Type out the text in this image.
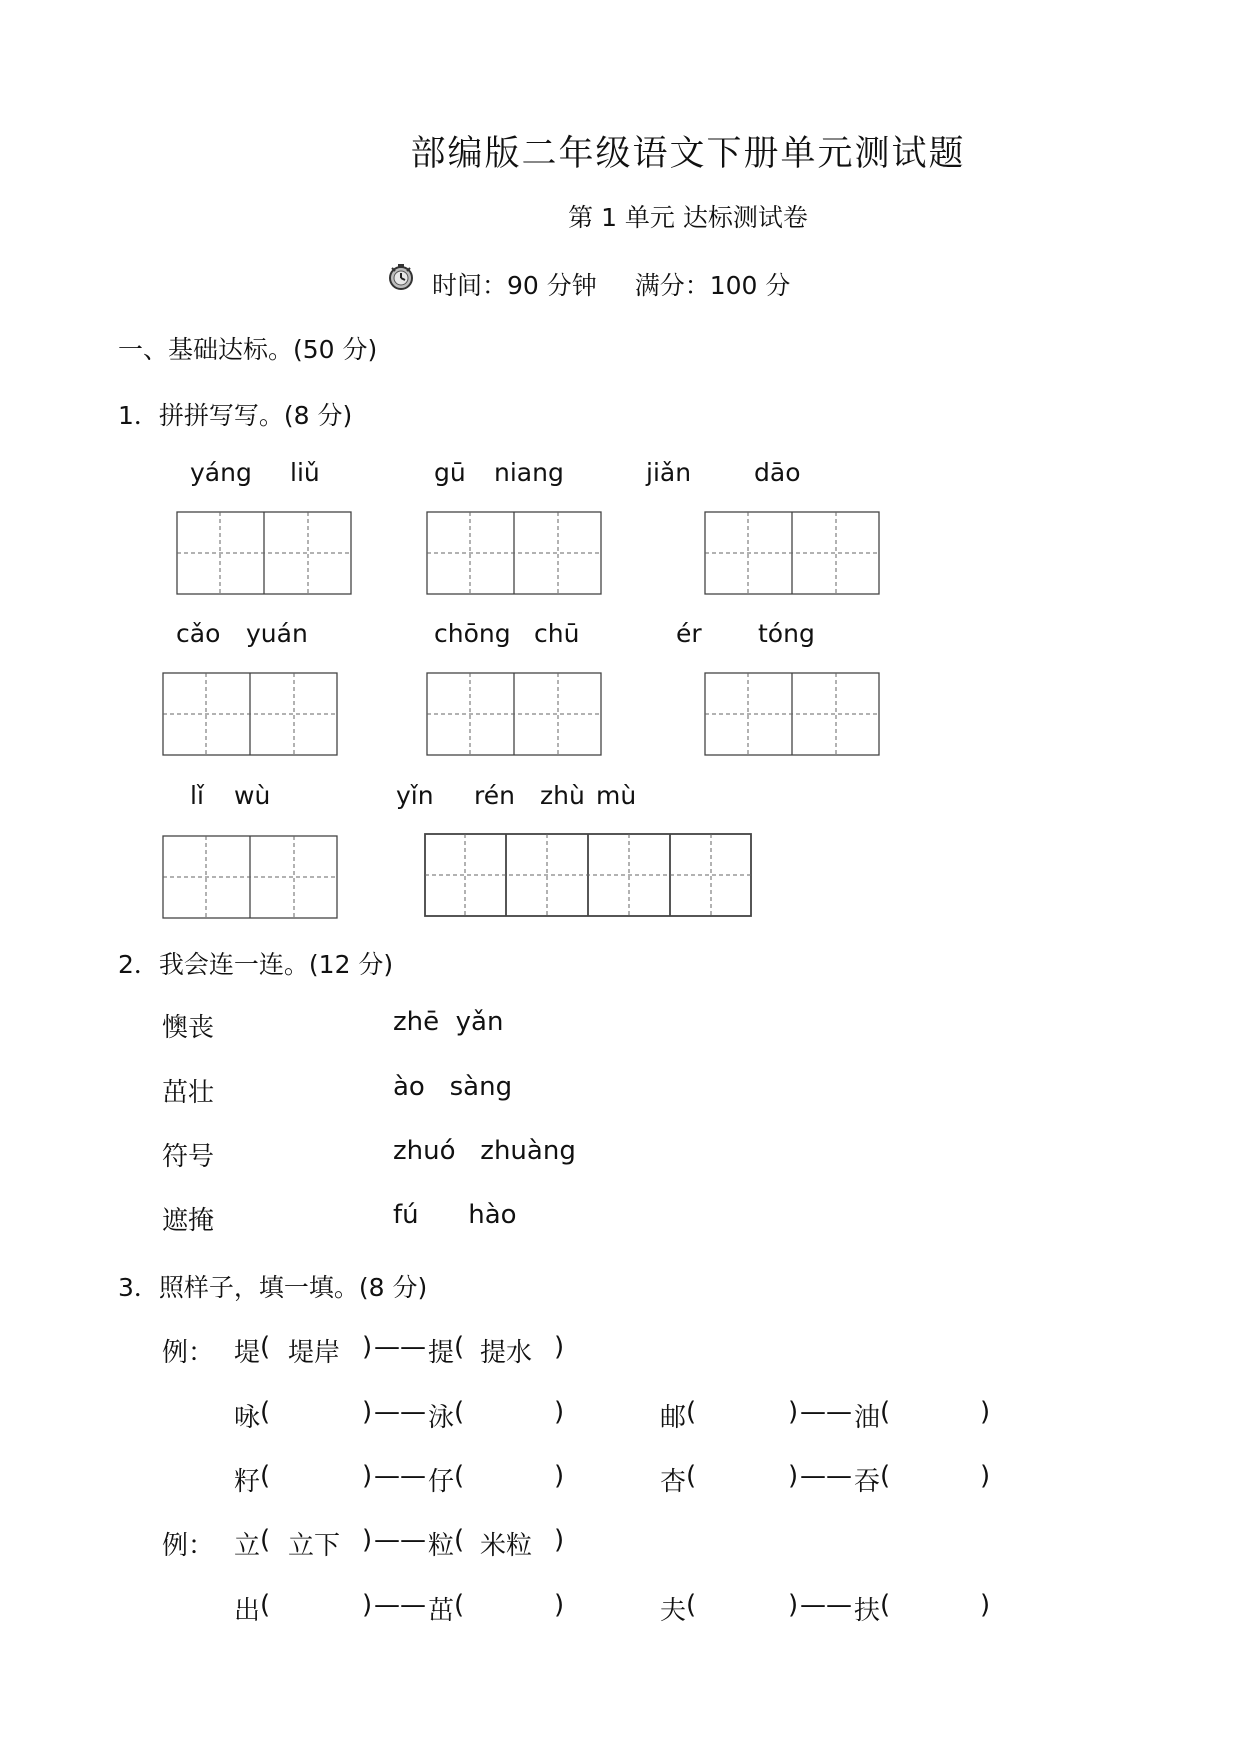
部编版二年级语文下册单元测试题
第 1 单元 达标测试卷
时间：90 分钟 满分：100 分
一、基础达标。(50 分)
1．拼拼写写。(8 分)
yáng liǔ	gū niang	jiǎn	dāo
cǎo yuán	chōng chū	ér tóng
lǐ wù	yǐn rén zhù mù
2．我会连一连。(12 分)
懊丧
茁壮
符号
遮掩
zhē  yǎn
ào   sàng
zhuó   zhuàng
fú      hào
3．照样子，填一填。(8 分)
例： 堤 ( 堤岸 ) —— 提 ( 提水 )
咏 (	) —— 泳 (	)	邮 (	) —— 油 (	)
籽 (	) —— 仔 (	)	杏 (	) —— 吞 (	)
例： 立 ( 立下 ) —— 粒 ( 米粒 )
出 (	) —— 茁 (	)	夫 (	) —— 扶 (	)
